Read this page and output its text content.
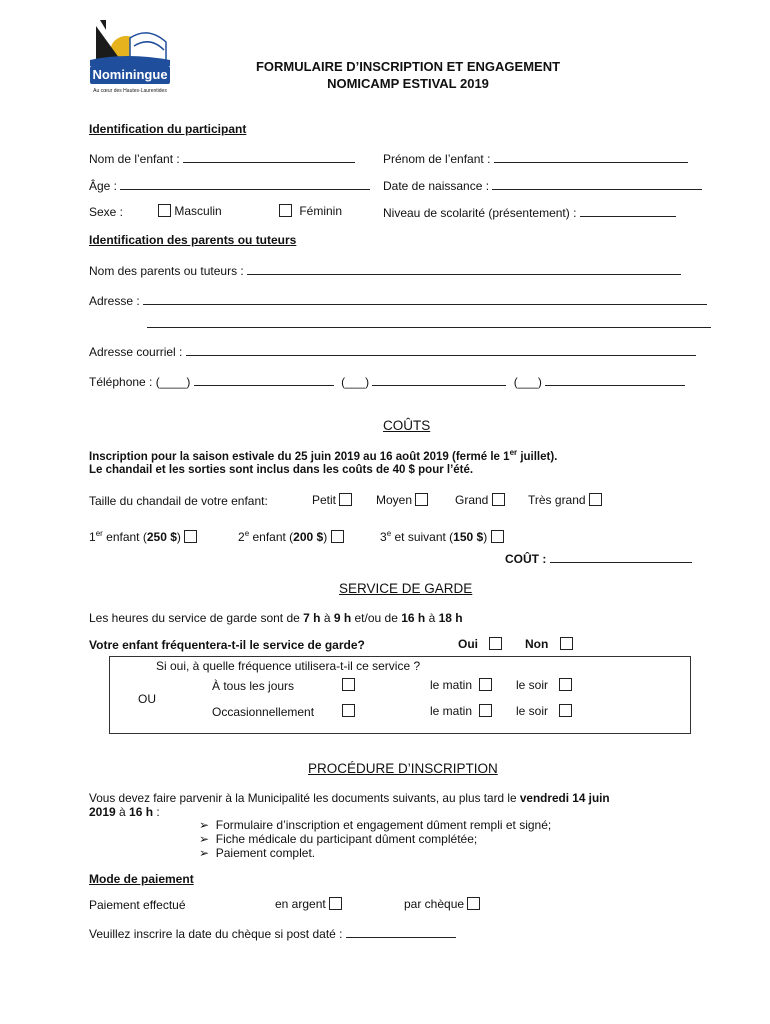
Nominingue
Au cœur des Hautes-Laurentides
FORMULAIRE D’INSCRIPTION ET ENGAGEMENT
NOMICAMP ESTIVAL 2019
Identification du participant
Nom de l’enfant :	Prénom de l’enfant :
Âge :	Date de naissance :
Sexe :	Masculin	Féminin	Niveau de scolarité (présentement) :
Identification des parents ou tuteurs
Nom des parents ou tuteurs :
Adresse :
Adresse courriel :
Téléphone : (____)	(___)	(___)
COÛTS
Inscription pour la saison estivale du 25 juin 2019 au 16 août 2019 (fermé le 1er juillet).
Le chandail et les sorties sont inclus dans les coûts de 40 $ pour l’été.
Taille du chandail de votre enfant:	Petit	Moyen	Grand	Très grand
1er enfant (250 $)	2e enfant (200 $)	3e et suivant (150 $)
COÛT :
SERVICE DE GARDE
Les heures du service de garde sont de 7 h à 9 h et/ou de 16 h à 18 h
Votre enfant fréquentera-t-il le service de garde?	Oui	Non
Si oui, à quelle fréquence utilisera-t-il ce service ?
OU
À tous les jours	le matin	le soir
Occasionnellement	le matin	le soir
PROCÉDURE D’INSCRIPTION
Vous devez faire parvenir à la Municipalité les documents suivants, au plus tard le vendredi 14 juin
2019 à 16 h :
➢ Formulaire d’inscription et engagement dûment rempli et signé;
➢ Fiche médicale du participant dûment complétée;
➢ Paiement complet.
Mode de paiement
Paiement effectué	en argent	par chèque
Veuillez inscrire la date du chèque si post daté :
